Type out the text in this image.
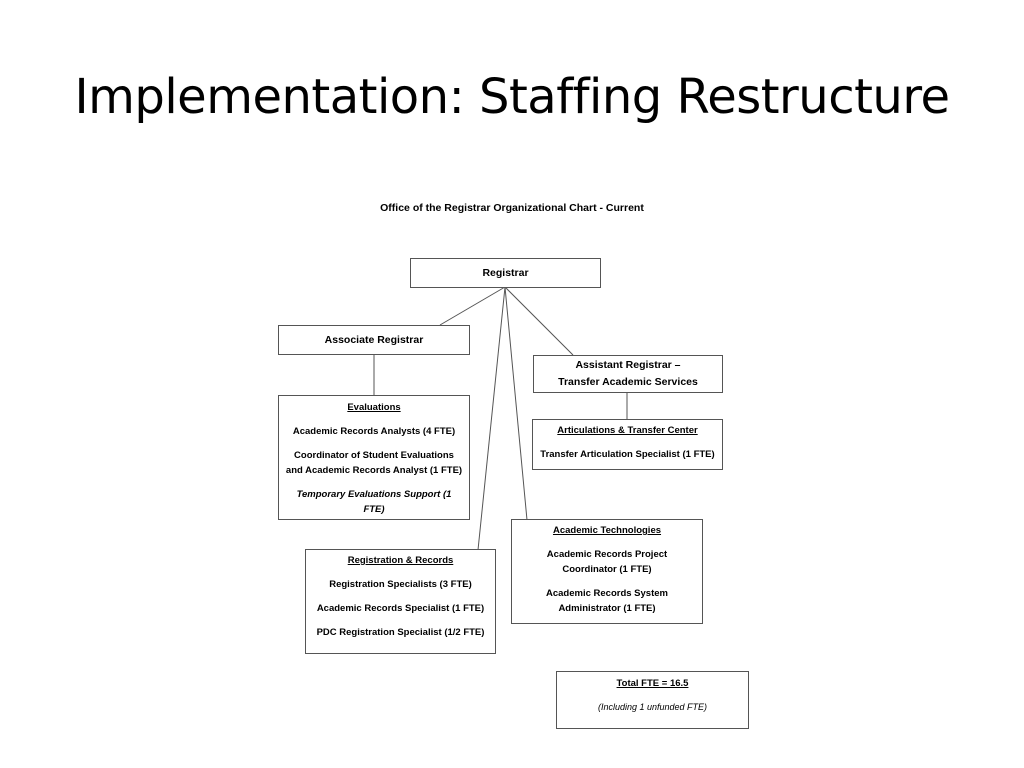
Implementation: Staffing Restructure
Office of the Registrar Organizational Chart - Current
Registrar
Associate Registrar
Assistant Registrar – Transfer Academic Services
Evaluations
Academic Records Analysts (4 FTE)
Coordinator of Student Evaluations and Academic Records Analyst (1 FTE)
Temporary Evaluations Support (1 FTE)
Articulations & Transfer Center
Transfer Articulation Specialist (1 FTE)
Academic Technologies
Academic Records Project Coordinator (1 FTE)
Academic Records System Administrator (1 FTE)
Registration & Records
Registration Specialists (3 FTE)
Academic Records Specialist (1 FTE)
PDC Registration Specialist (1/2 FTE)
Total FTE = 16.5
(Including 1 unfunded FTE)
